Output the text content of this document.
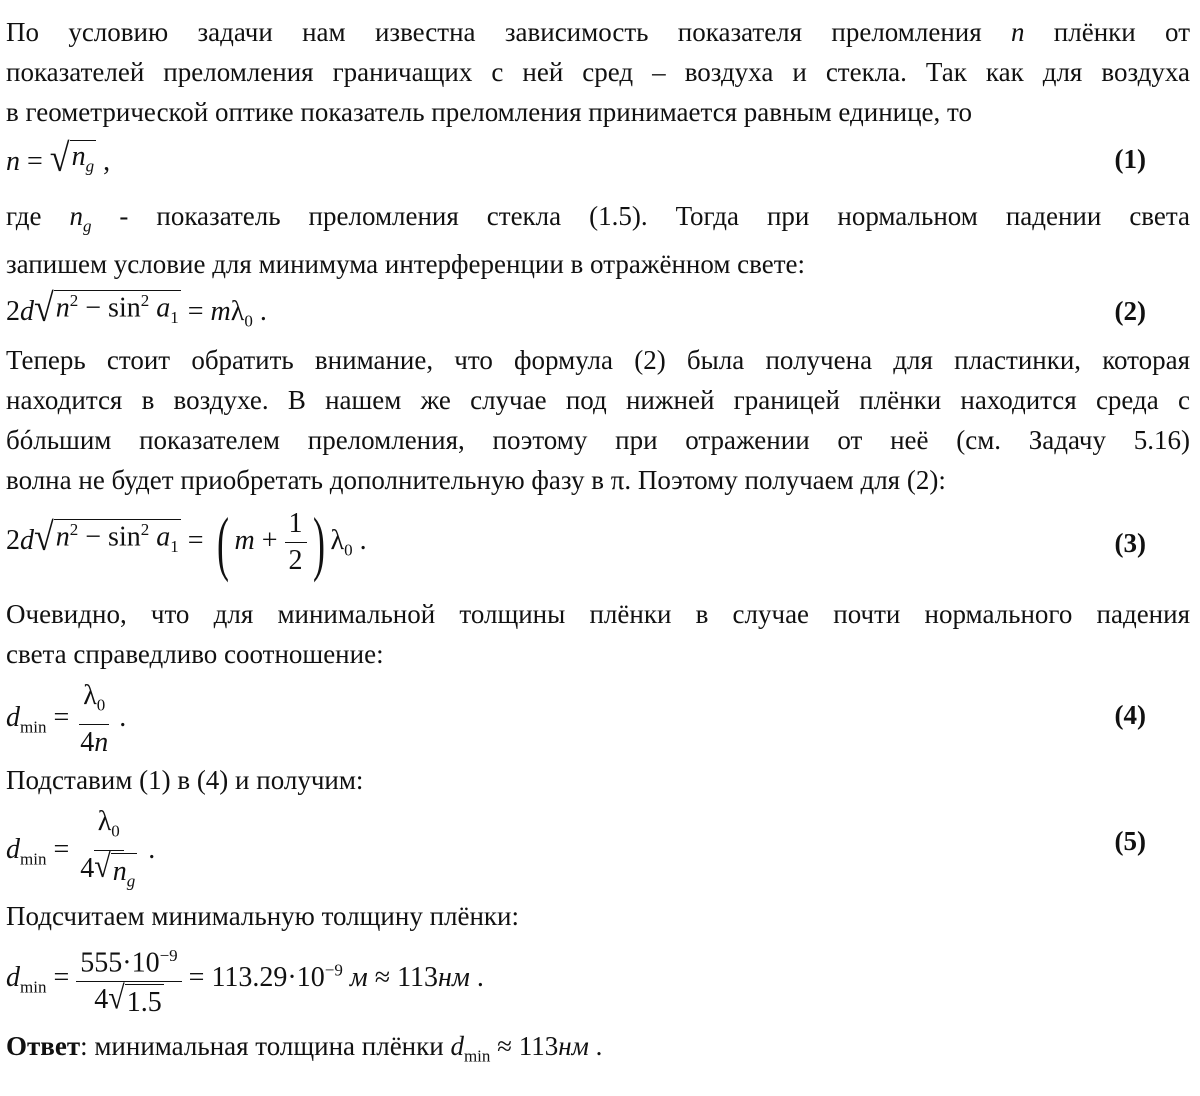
По условию задачи нам известна зависимость показателя преломления n плёнки от
показателей преломления граничащих с ней сред – воздуха и стекла. Так как для воздуха
в геометрической оптике показатель преломления принимается равным единице, то
n = √ $n_g$ ,	(1)
где $n_g$ - показатель преломления стекла (1.5). Тогда при нормальном падении света
запишем условие для минимума интерференции в отражённом свете:
2d √ $n^2 - \sin^2 a_1 = m\lambda_0$ .	(2)
Теперь стоит обратить внимание, что формула (2) была получена для пластинки, которая
находится в воздухе. В нашем же случае под нижней границей плёнки находится среда с
бóльшим показателем преломления, поэтому при отражении от неё (см. Задачу 5.16)
волна не будет приобретать дополнительную фазу в π. Поэтому получаем для (2):
2d √ $n^2 - \sin^2 a_1$ = ( $m + \frac{1}{2}$ ) $\lambda_0$ .	(3)
Очевидно, что для минимальной толщины плёнки в случае почти нормального падения
света справедливо соотношение:
$d_{min} = \frac{\lambda_0}{4n}$ .	(4)
Подставим (1) в (4) и получим:
$d_{min} = \frac{\lambda_0}{4 √ n_g}$ .	(5)
Подсчитаем минимальную толщину плёнки:
$d_{min} = \frac{555\cdot 10^{-9}}{4 √ 1.5} = 113.29\cdot 10^{-9}$ м ≈ 113нм .
Ответ: минимальная толщина плёнки $d_{min} \approx 113нм$ .
